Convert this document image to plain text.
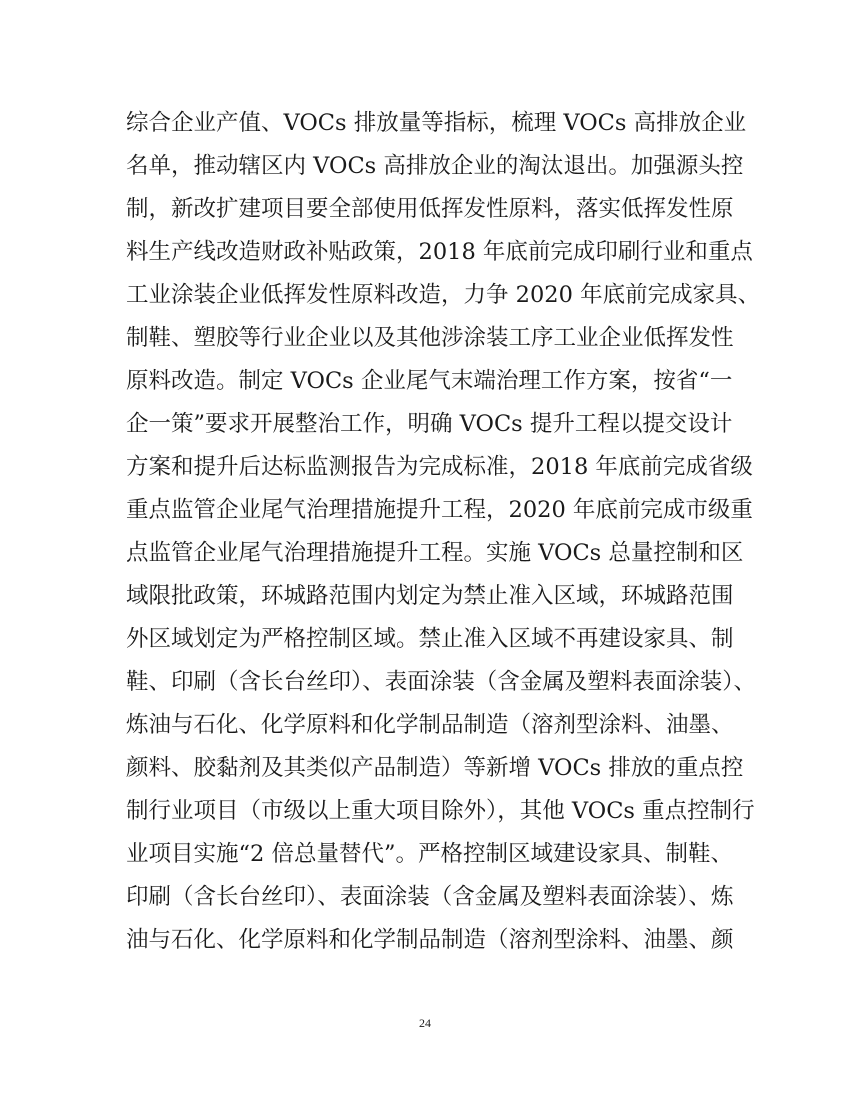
综合企业产值、VOCs 排放量等指标，梳理 VOCs 高排放企业
名单，推动辖区内 VOCs 高排放企业的淘汰退出。加强源头控
制，新改扩建项目要全部使用低挥发性原料，落实低挥发性原
料生产线改造财政补贴政策，2018 年底前完成印刷行业和重点
工业涂装企业低挥发性原料改造，力争 2020 年底前完成家具、
制鞋、塑胶等行业企业以及其他涉涂装工序工业企业低挥发性
原料改造。制定 VOCs 企业尾气末端治理工作方案，按省“一
企一策”要求开展整治工作，明确 VOCs 提升工程以提交设计
方案和提升后达标监测报告为完成标准，2018 年底前完成省级
重点监管企业尾气治理措施提升工程，2020 年底前完成市级重
点监管企业尾气治理措施提升工程。实施 VOCs 总量控制和区
域限批政策，环城路范围内划定为禁止准入区域，环城路范围
外区域划定为严格控制区域。禁止准入区域不再建设家具、制
鞋、印刷（含长台丝印）、表面涂装（含金属及塑料表面涂装）、
炼油与石化、化学原料和化学制品制造（溶剂型涂料、油墨、
颜料、胶黏剂及其类似产品制造）等新增 VOCs 排放的重点控
制行业项目（市级以上重大项目除外），其他 VOCs 重点控制行
业项目实施“2 倍总量替代”。严格控制区域建设家具、制鞋、
印刷（含长台丝印）、表面涂装（含金属及塑料表面涂装）、炼
油与石化、化学原料和化学制品制造（溶剂型涂料、油墨、颜
24
